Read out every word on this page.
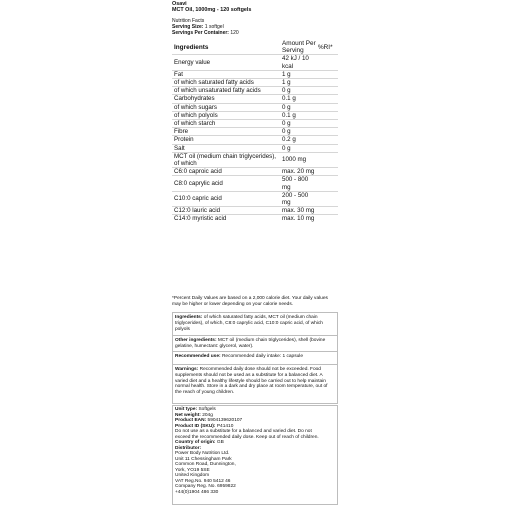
Osavi
MCT Oil, 1000mg - 120 softgels
Nutrition Facts
Serving Size: 1 softgel
Servings Per Container: 120
Ingredients	Amount Per Serving	%RI*
Energy value	42 kJ / 10 kcal	
Fat	1 g	
of which saturated fatty acids	1 g	
of which unsaturated fatty acids	0 g	
Carbohydrates	0.1 g	
of which sugars	0 g	
of which polyols	0.1 g	
of which starch	0 g	
Fibre	0 g	
Protein	0.2 g	
Salt	0 g	
MCT oil (medium chain triglycerides), of which	1000 mg	
C6:0 caproic acid	max. 20 mg	
C8:0 caprylic acid	500 - 800 mg	
C10:0 capric acid	200 - 500 mg	
C12:0 lauric acid	max. 30 mg	
C14:0 myristic acid	max. 10 mg	
*Percent Daily Values are based on a 2,000 calorie diet. Your daily values may be higher or lower depending on your calorie needs.
Ingredients: of which saturated fatty acids, MCT oil (medium chain triglycerides), of which, C8:0 caprylic acid, C10:0 capric acid, of which polyols
Other ingredients: MCT oil (medium chain triglycerides), shell (bovine gelatine, humectant: glycerol, water).
Recommended use: Recommended daily intake: 1 capsule
Warnings: Recommended daily dose should not be exceeded. Food supplements should not be used as a substitute for a balanced diet. A varied diet and a healthy lifestyle should be carried out to help maintain normal health. Store in a dark and dry place at room temperature, out of the reach of young children.
Unit type: Softgels
Net weight: 204g
Product EAN: 5904139620107
Product ID (SKU): P41410
Do not use as a substitute for a balanced and varied diet. Do not
exceed the recommended daily dose. Keep out of reach of children.
Country of origin: GB
Distributor:
Power Body Nutrition Ltd.
Unit 11 Chessingham Park
Common Road, Dunnington,
York, YO19 5SE
United Kingdom
VAT Reg.No. 940 5412 46
Company Reg. No. 6959822
+44(0)1904 486 330
